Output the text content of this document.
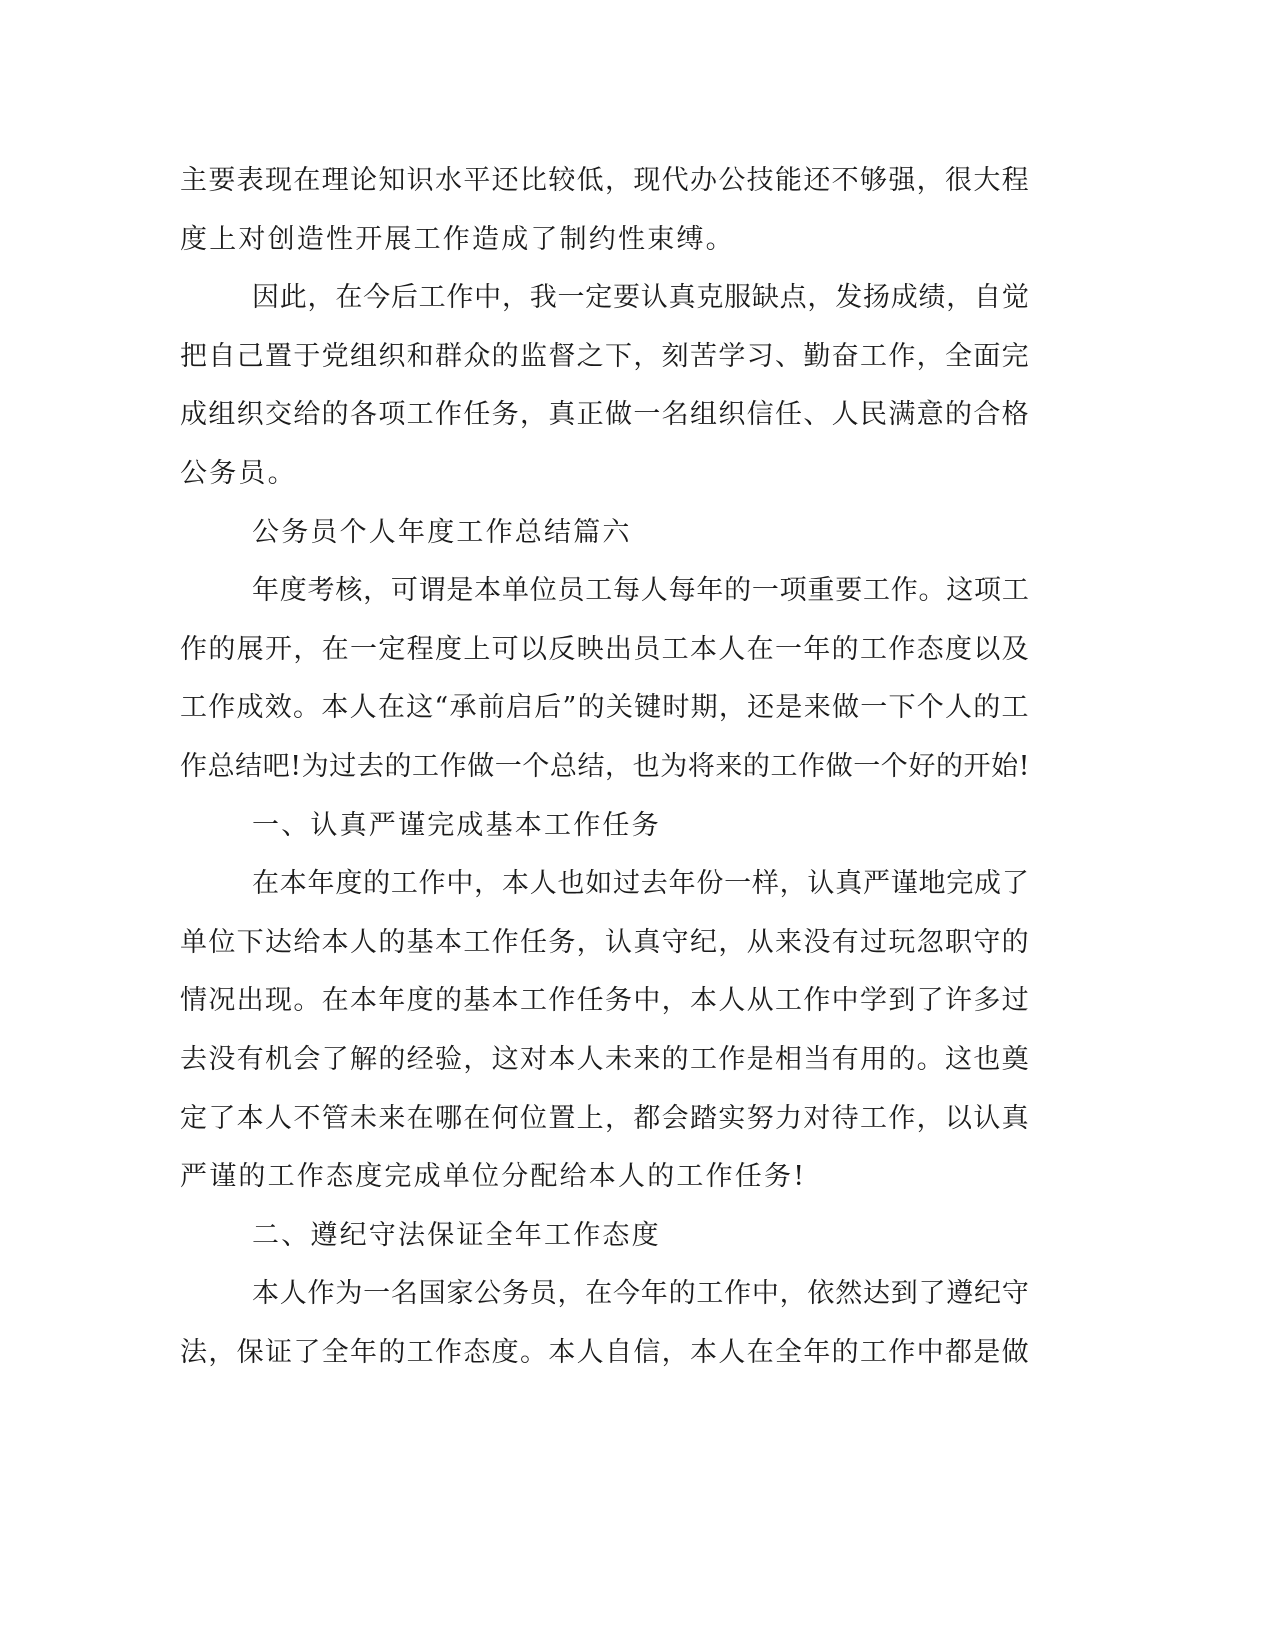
主要表现在理论知识水平还比较低，现代办公技能还不够强，很大程
度上对创造性开展工作造成了制约性束缚。
因此，在今后工作中，我一定要认真克服缺点，发扬成绩，自觉
把自己置于党组织和群众的监督之下，刻苦学习、勤奋工作，全面完
成组织交给的各项工作任务，真正做一名组织信任、人民满意的合格
公务员。
公务员个人年度工作总结篇六
年度考核，可谓是本单位员工每人每年的一项重要工作。这项工
作的展开，在一定程度上可以反映出员工本人在一年的工作态度以及
工作成效。本人在这“承前启后”的关键时期，还是来做一下个人的工
作总结吧!为过去的工作做一个总结，也为将来的工作做一个好的开始!
一、认真严谨完成基本工作任务
在本年度的工作中，本人也如过去年份一样，认真严谨地完成了
单位下达给本人的基本工作任务，认真守纪，从来没有过玩忽职守的
情况出现。在本年度的基本工作任务中，本人从工作中学到了许多过
去没有机会了解的经验，这对本人未来的工作是相当有用的。这也奠
定了本人不管未来在哪在何位置上，都会踏实努力对待工作，以认真
严谨的工作态度完成单位分配给本人的工作任务!
二、遵纪守法保证全年工作态度
本人作为一名国家公务员，在今年的工作中，依然达到了遵纪守
法，保证了全年的工作态度。本人自信，本人在全年的工作中都是做
